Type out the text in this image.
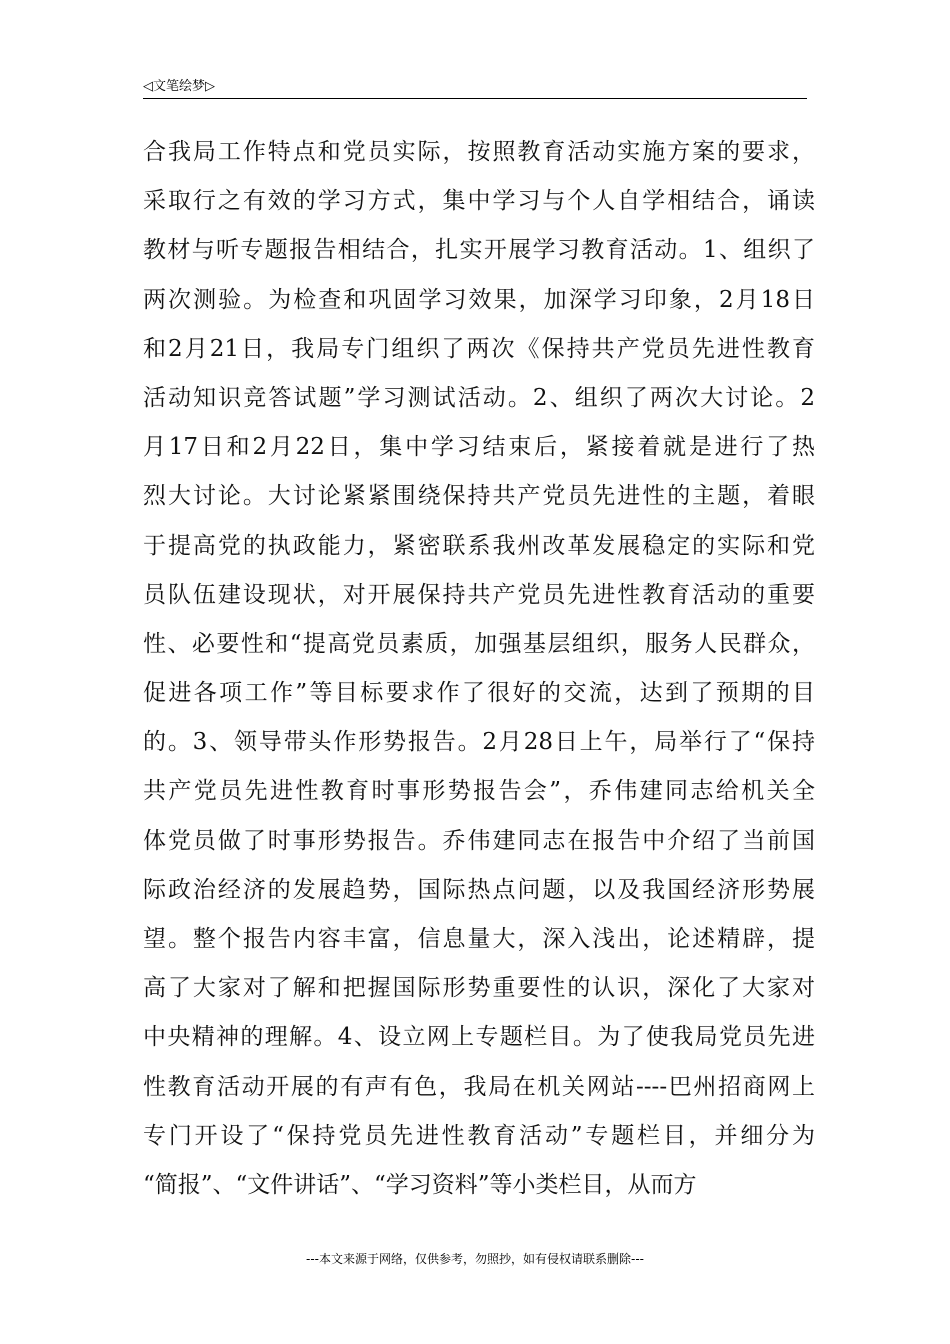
◁文笔绘梦▷
合我局工作特点和党员实际，按照教育活动实施方案的要求，
采取行之有效的学习方式，集中学习与个人自学相结合，诵读
教材与听专题报告相结合，扎实开展学习教育活动。1、组织了
两次测验。为检查和巩固学习效果，加深学习印象，2月18日
和2月21日，我局专门组织了两次《保持共产党员先进性教育
活动知识竞答试题”学习测试活动。2、组织了两次大讨论。2
月17日和2月22日，集中学习结束后，紧接着就是进行了热
烈大讨论。大讨论紧紧围绕保持共产党员先进性的主题，着眼
于提高党的执政能力，紧密联系我州改革发展稳定的实际和党
员队伍建设现状，对开展保持共产党员先进性教育活动的重要
性、必要性和“提高党员素质，加强基层组织，服务人民群众，
促进各项工作”等目标要求作了很好的交流，达到了预期的目
的。3、领导带头作形势报告。2月28日上午，局举行了“保持
共产党员先进性教育时事形势报告会”，乔伟建同志给机关全
体党员做了时事形势报告。乔伟建同志在报告中介绍了当前国
际政治经济的发展趋势，国际热点问题，以及我国经济形势展
望。整个报告内容丰富，信息量大，深入浅出，论述精辟，提
高了大家对了解和把握国际形势重要性的认识，深化了大家对
中央精神的理解。4、设立网上专题栏目。为了使我局党员先进
性教育活动开展的有声有色，我局在机关网站----巴州招商网上
专门开设了“保持党员先进性教育活动”专题栏目，并细分为
“简报”、“文件讲话”、“学习资料”等小类栏目，从而方
---本文来源于网络，仅供参考，勿照抄，如有侵权请联系删除---
